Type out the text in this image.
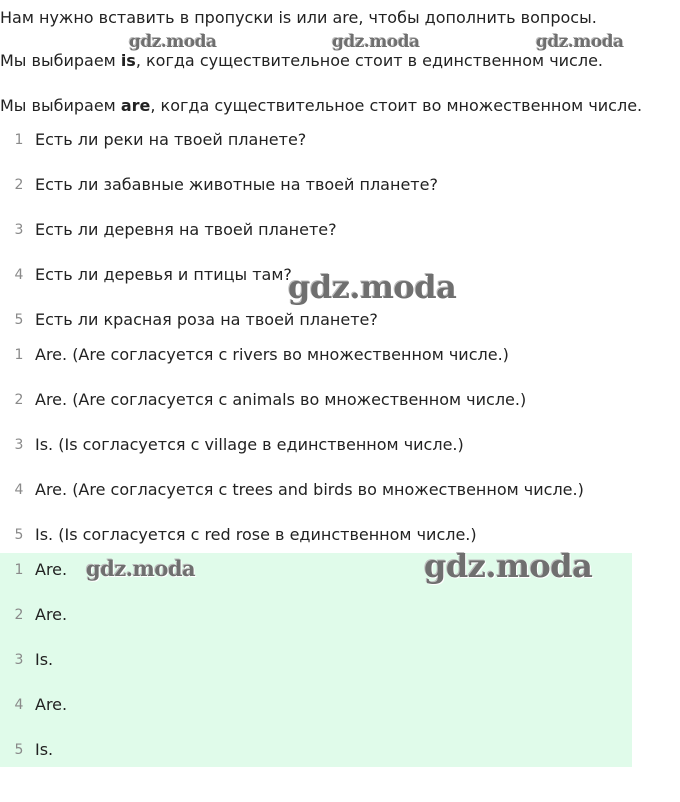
Нам нужно вставить в пропуски is или are, чтобы дополнить вопросы.
Мы выбираем is, когда существительное стоит в единственном числе.
Мы выбираем are, когда существительное стоит во множественном числе.
1 Есть ли реки на твоей планете?
2 Есть ли забавные животные на твоей планете?
3 Есть ли деревня на твоей планете?
4 Есть ли деревья и птицы там?
5 Есть ли красная роза на твоей планете?
1 Are. (Are согласуется с rivers во множественном числе.)
2 Are. (Are согласуется с animals во множественном числе.)
3 Is. (Is согласуется с village в единственном числе.)
4 Are. (Are согласуется с trees and birds во множественном числе.)
5 Is. (Is согласуется с red rose в единственном числе.)
1 Are.
2 Are.
3 Is.
4 Are.
5 Is.
gdz.moda	gdz.moda	gdz.moda
gdz.moda
gdz.moda	gdz.moda
